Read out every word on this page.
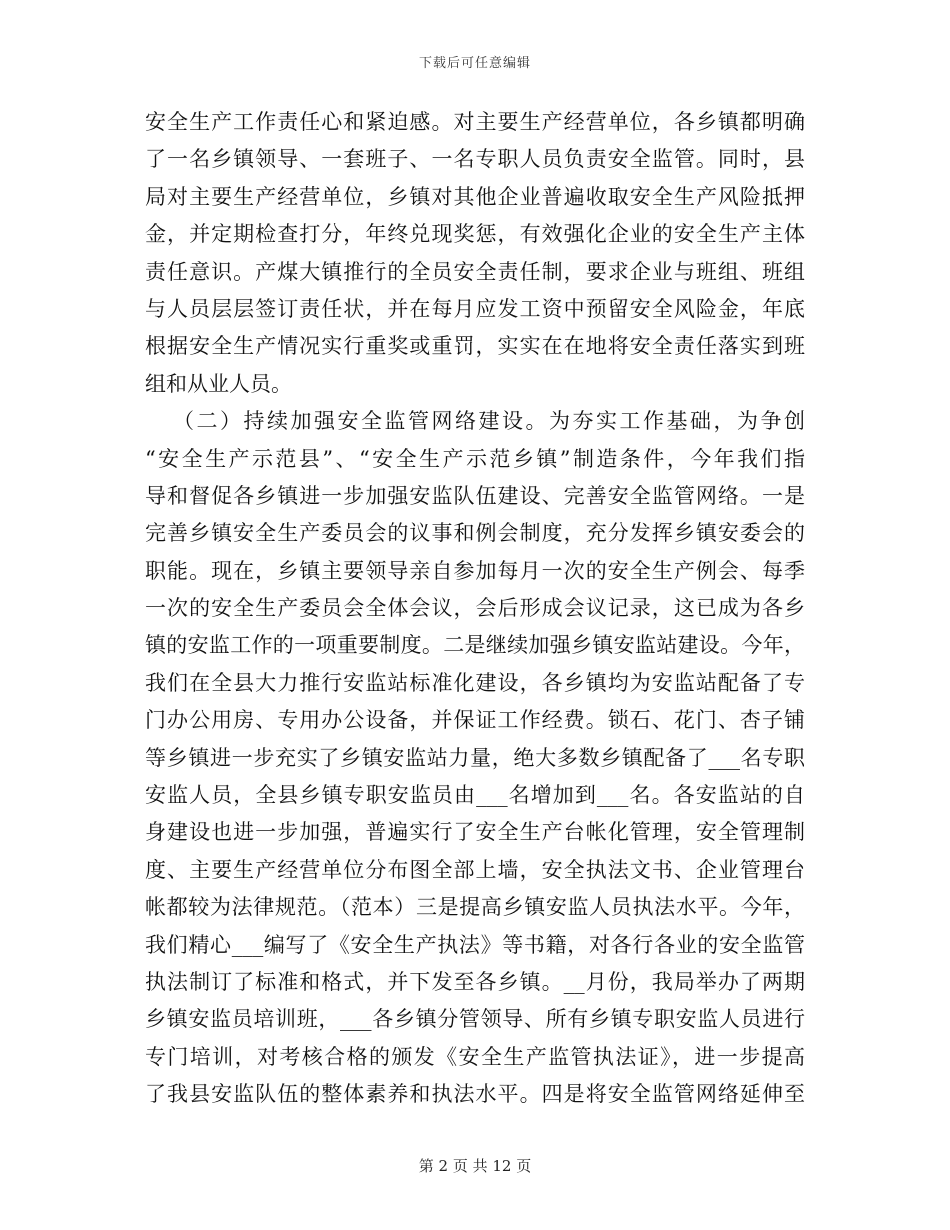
下载后可任意编辑
安全生产工作责任心和紧迫感。对主要生产经营单位，各乡镇都明确
了一名乡镇领导、一套班子、一名专职人员负责安全监管。同时，县
局对主要生产经营单位，乡镇对其他企业普遍收取安全生产风险抵押
金，并定期检查打分，年终兑现奖惩，有效强化企业的安全生产主体
责任意识。产煤大镇推行的全员安全责任制，要求企业与班组、班组
与人员层层签订责任状，并在每月应发工资中预留安全风险金，年底
根据安全生产情况实行重奖或重罚，实实在在地将安全责任落实到班
组和从业人员。
（二）持续加强安全监管网络建设。为夯实工作基础，为争创
“安全生产示范县”、“安全生产示范乡镇”制造条件，今年我们指
导和督促各乡镇进一步加强安监队伍建设、完善安全监管网络。一是
完善乡镇安全生产委员会的议事和例会制度，充分发挥乡镇安委会的
职能。现在，乡镇主要领导亲自参加每月一次的安全生产例会、每季
一次的安全生产委员会全体会议，会后形成会议记录，这已成为各乡
镇的安监工作的一项重要制度。二是继续加强乡镇安监站建设。今年，
我们在全县大力推行安监站标准化建设，各乡镇均为安监站配备了专
门办公用房、专用办公设备，并保证工作经费。锁石、花门、杏子铺
等乡镇进一步充实了乡镇安监站力量，绝大多数乡镇配备了___名专职
安监人员，全县乡镇专职安监员由___名增加到___名。各安监站的自
身建设也进一步加强，普遍实行了安全生产台帐化管理，安全管理制
度、主要生产经营单位分布图全部上墙，安全执法文书、企业管理台
帐都较为法律规范。（范本）三是提高乡镇安监人员执法水平。今年，
我们精心___编写了《安全生产执法》等书籍，对各行各业的安全监管
执法制订了标准和格式，并下发至各乡镇。__月份，我局举办了两期
乡镇安监员培训班，___各乡镇分管领导、所有乡镇专职安监人员进行
专门培训，对考核合格的颁发《安全生产监管执法证》，进一步提高
了我县安监队伍的整体素养和执法水平。四是将安全监管网络延伸至
第 2 页 共 12 页
